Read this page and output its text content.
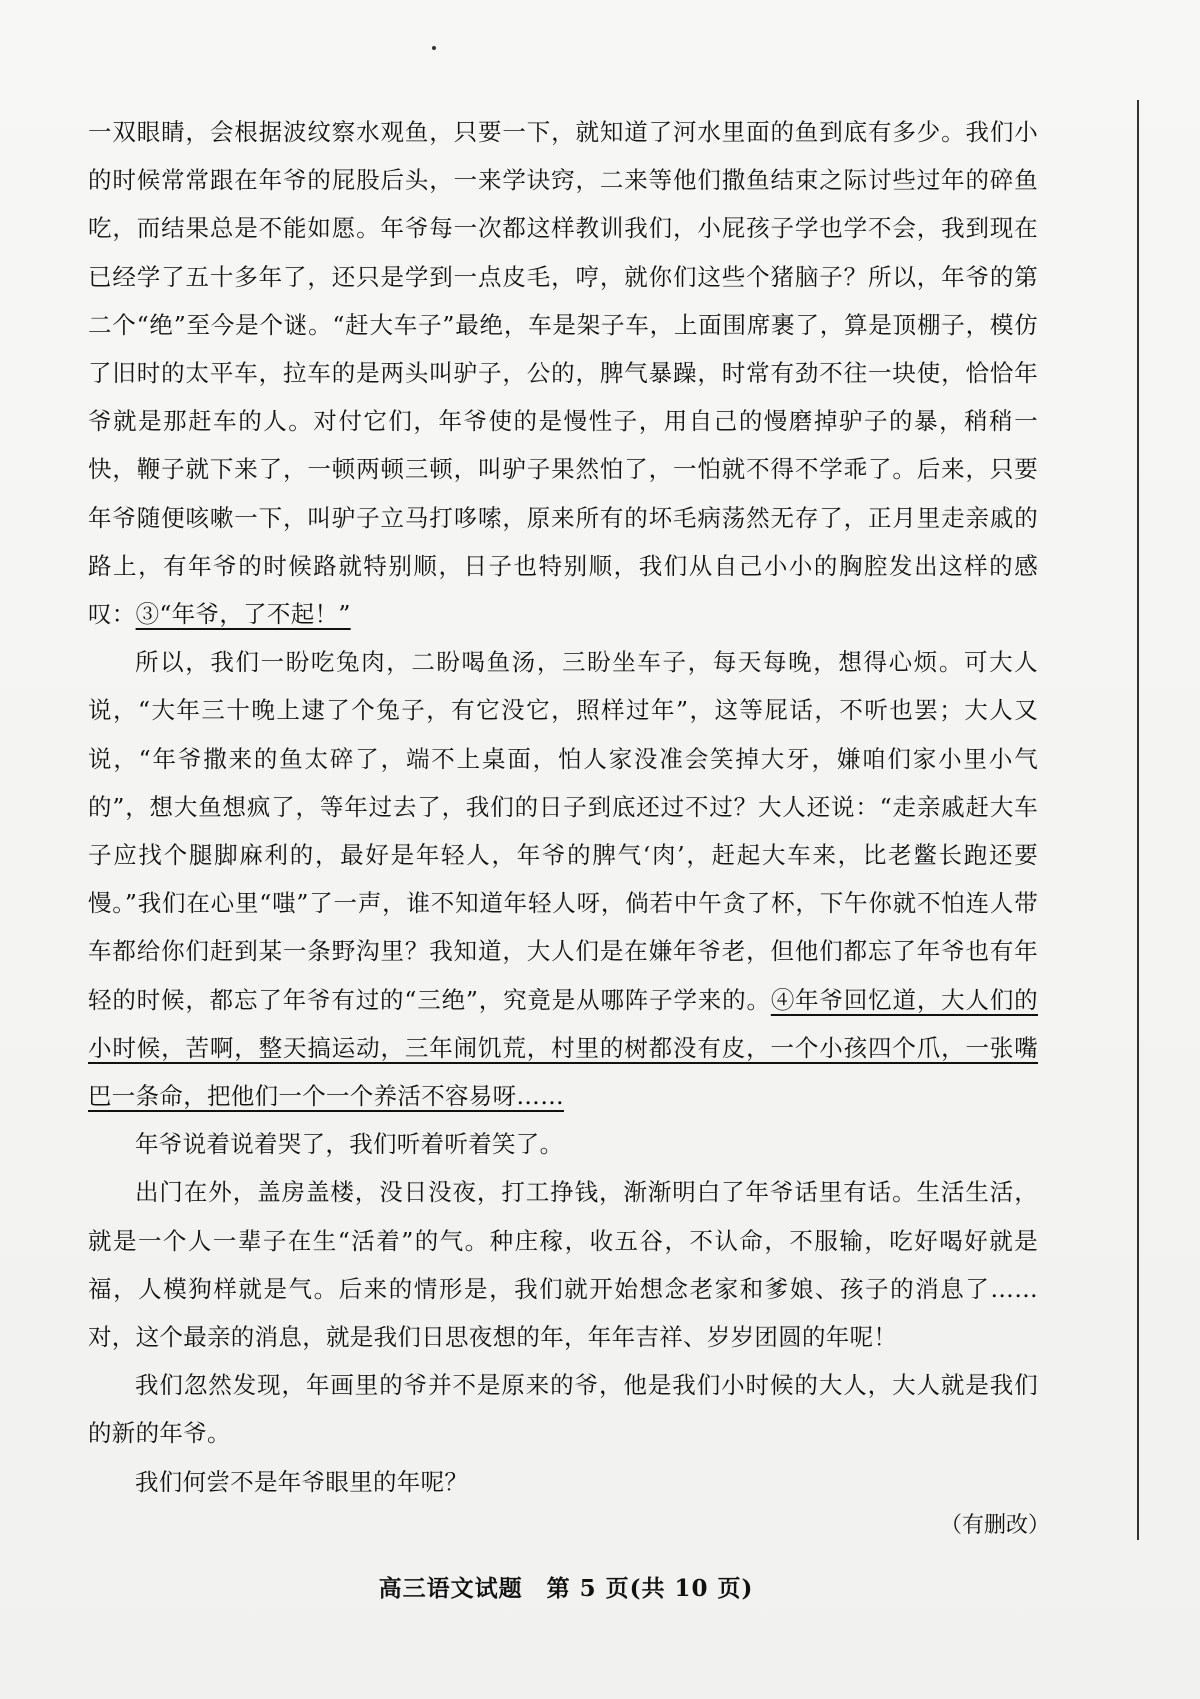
一双眼睛，会根据波纹察水观鱼，只要一下，就知道了河水里面的鱼到底有多少。我们小的时候常常跟在年爷的屁股后头，一来学诀窍，二来等他们撒鱼结束之际讨些过年的碎鱼吃，而结果总是不能如愿。年爷每一次都这样教训我们，小屁孩子学也学不会，我到现在已经学了五十多年了，还只是学到一点皮毛，哼，就你们这些个猪脑子？所以，年爷的第二个“绝”至今是个谜。“赶大车子”最绝，车是架子车，上面围席裹了，算是顶棚子，模仿了旧时的太平车，拉车的是两头叫驴子，公的，脾气暴躁，时常有劲不往一块使，恰恰年爷就是那赶车的人。对付它们，年爷使的是慢性子，用自己的慢磨掉驴子的暴，稍稍一快，鞭子就下来了，一顿两顿三顿，叫驴子果然怕了，一怕就不得不学乖了。后来，只要年爷随便咳嗽一下，叫驴子立马打哆嗦，原来所有的坏毛病荡然无存了，正月里走亲戚的路上，有年爷的时候路就特别顺，日子也特别顺，我们从自己小小的胸腔发出这样的感叹：③“年爷，了不起！”

所以，我们一盼吃兔肉，二盼喝鱼汤，三盼坐车子，每天每晚，想得心烦。可大人说，“大年三十晚上逮了个兔子，有它没它，照样过年”，这等屁话，不听也罢；大人又说，“年爷撒来的鱼太碎了，端不上桌面，怕人家没准会笑掉大牙，嫌咱们家小里小气的”，想大鱼想疯了，等年过去了，我们的日子到底还过不过？大人还说：“走亲戚赶大车子应找个腿脚麻利的，最好是年轻人，年爷的脾气‘肉’，赶起大车来，比老鳖长跑还要慢。”我们在心里“嗤”了一声，谁不知道年轻人呀，倘若中午贪了杯，下午你就不怕连人带车都给你们赶到某一条野沟里？我知道，大人们是在嫌年爷老，但他们都忘了年爷也有年轻的时候，都忘了年爷有过的“三绝”，究竟是从哪阵子学来的。④年爷回忆道，大人们的小时候，苦啊，整天搞运动，三年闹饥荒，村里的树都没有皮，一个小孩四个爪，一张嘴巴一条命，把他们一个一个养活不容易呀……

年爷说着说着哭了，我们听着听着笑了。

出门在外，盖房盖楼，没日没夜，打工挣钱，渐渐明白了年爷话里有话。生活生活，就是一个人一辈子在生“活着”的气。种庄稼，收五谷，不认命，不服输，吃好喝好就是福，人模狗样就是气。后来的情形是，我们就开始想念老家和爹娘、孩子的消息了……对，这个最亲的消息，就是我们日思夜想的年，年年吉祥、岁岁团圆的年呢！

我们忽然发现，年画里的爷并不是原来的爷，他是我们小时候的大人，大人就是我们的新的年爷。

我们何尝不是年爷眼里的年呢？

（有删改）
高三语文试题　第 5 页(共 10 页)
